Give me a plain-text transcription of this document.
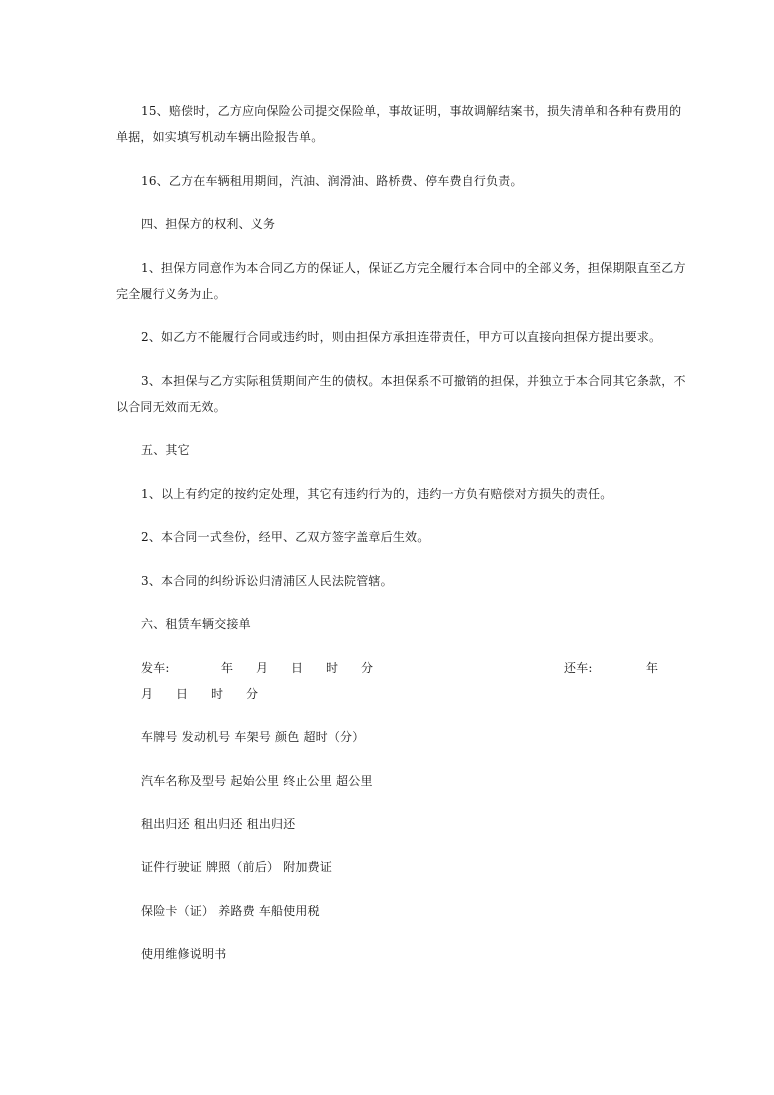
15、赔偿时，乙方应向保险公司提交保险单，事故证明，事故调解结案书，损失清单和各种有费用的
单据，如实填写机动车辆出险报告单。
16、乙方在车辆租用期间，汽油、润滑油、路桥费、停车费自行负责。
四、担保方的权利、义务
1、担保方同意作为本合同乙方的保证人，保证乙方完全履行本合同中的全部义务，担保期限直至乙方
完全履行义务为止。
2、如乙方不能履行合同或违约时，则由担保方承担连带责任，甲方可以直接向担保方提出要求。
3、本担保与乙方实际租赁期间产生的债权。本担保系不可撤销的担保，并独立于本合同其它条款，不
以合同无效而无效。
五、其它
1、以上有约定的按约定处理，其它有违约行为的，违约一方负有赔偿对方损失的责任。
2、本合同一式叁份，经甲、乙双方签字盖章后生效。
3、本合同的纠纷诉讼归清浦区人民法院管辖。
六、租赁车辆交接单
发车:	年 月 日 时 分	还车:	年
月 日 时 分
车牌号 发动机号 车架号 颜色 超时（分）
汽车名称及型号 起始公里 终止公里 超公里
租出归还 租出归还 租出归还
证件行驶证 牌照（前后） 附加费证
保险卡（证） 养路费 车船使用税
使用维修说明书
